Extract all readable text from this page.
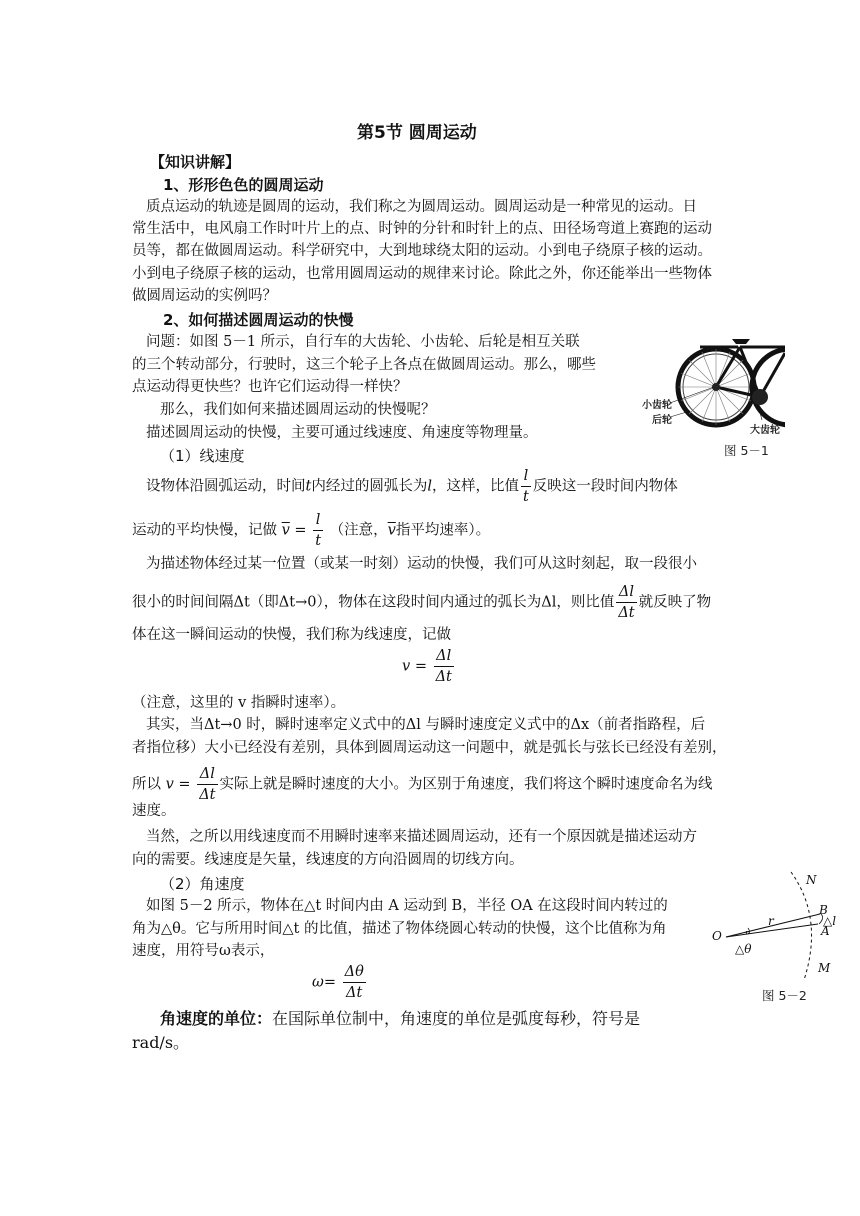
第5节 圆周运动
【知识讲解】
1、形形色色的圆周运动
质点运动的轨迹是圆周的运动，我们称之为圆周运动。圆周运动是一种常见的运动。日
常生活中，电风扇工作时叶片上的点、时钟的分针和时针上的点、田径场弯道上赛跑的运动
员等，都在做圆周运动。科学研究中，大到地球绕太阳的运动。小到电子绕原子核的运动。
小到电子绕原子核的运动，也常用圆周运动的规律来讨论。除此之外，你还能举出一些物体
做圆周运动的实例吗？
2、如何描述圆周运动的快慢
问题：如图 5－1 所示，自行车的大齿轮、小齿轮、后轮是相互关联
的三个转动部分，行驶时，这三个轮子上各点在做圆周运动。那么，哪些
点运动得更快些？也许它们运动得一样快？
那么，我们如何来描述圆周运动的快慢呢？
描述圆周运动的快慢，主要可通过线速度、角速度等物理量。
小齿轮
后轮
大齿轮
图 5－1
（1）线速度
设物体沿圆弧运动，时间t内经过的圆弧长为l，这样，比值 $\frac{l}{t}$ 反映这一段时间内物体
运动的平均快慢，记做 $\overline{v} = \frac{l}{t}$ （注意，$\overline{v}$指平均速率）。
为描述物体经过某一位置（或某一时刻）运动的快慢，我们可从这时刻起，取一段很小
很小的时间间隔Δt（即Δt→0），物体在这段时间内通过的弧长为Δl，则比值 $\frac{\Delta l}{\Delta t}$ 就反映了物
体在这一瞬间运动的快慢，我们称为线速度，记做
$v = \frac{\Delta l}{\Delta t}$
（注意，这里的 v 指瞬时速率）。
其实，当Δt→0 时，瞬时速率定义式中的Δl 与瞬时速度定义式中的Δx（前者指路程，后
者指位移）大小已经没有差别，具体到圆周运动这一问题中，就是弧长与弦长已经没有差别，
所以 $v = \frac{\Delta l}{\Delta t}$ 实际上就是瞬时速度的大小。为区别于角速度，我们将这个瞬时速度命名为线
速度。
当然，之所以用线速度而不用瞬时速率来描述圆周运动，还有一个原因就是描述运动方
向的需要。线速度是矢量，线速度的方向沿圆周的切线方向。
（2）角速度
如图 5－2 所示，物体在△t 时间内由 A 运动到 B，半径 OA 在这段时间内转过的
角为△θ。它与所用时间△t 的比值，描述了物体绕圆心转动的快慢，这个比值称为角
速度，用符号ω表示，
$\omega= \frac{\Delta\theta}{\Delta t}$
N
B
△l
A
r
O
△θ
M
图 5－2
角速度的单位：在国际单位制中，角速度的单位是弧度每秒，符号是
rad/s。
